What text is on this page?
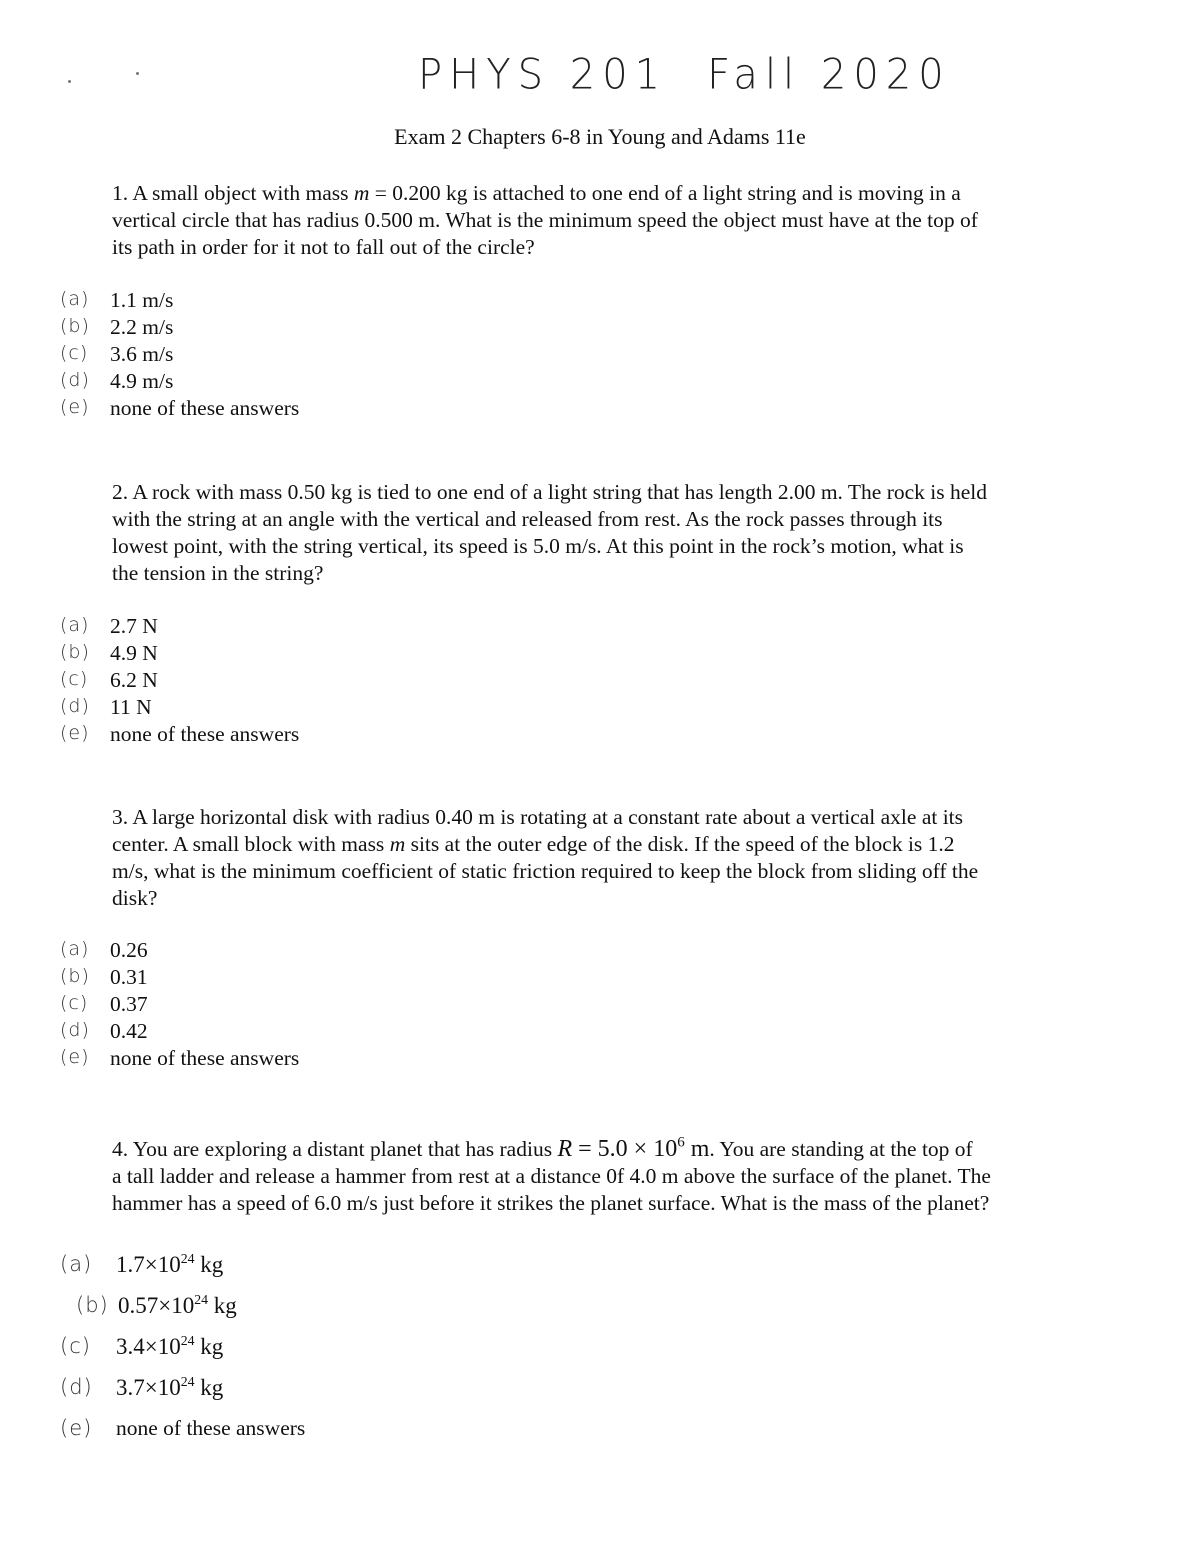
PHYS 201 Fall 2020
Exam 2 Chapters 6-8 in Young and Adams 11e
1. A small object with mass m = 0.200 kg is attached to one end of a light string and is moving in a
vertical circle that has radius 0.500 m. What is the minimum speed the object must have at the top of
its path in order for it not to fall out of the circle?
(a) 1.1 m/s
(b) 2.2 m/s
(c) 3.6 m/s
(d) 4.9 m/s
(e) none of these answers
2. A rock with mass 0.50 kg is tied to one end of a light string that has length 2.00 m. The rock is held
with the string at an angle with the vertical and released from rest. As the rock passes through its
lowest point, with the string vertical, its speed is 5.0 m/s. At this point in the rock’s motion, what is
the tension in the string?
(a) 2.7 N
(b) 4.9 N
(c) 6.2 N
(d) 11 N
(e) none of these answers
3. A large horizontal disk with radius 0.40 m is rotating at a constant rate about a vertical axle at its
center. A small block with mass m sits at the outer edge of the disk. If the speed of the block is 1.2
m/s, what is the minimum coefficient of static friction required to keep the block from sliding off the
disk?
(a) 0.26
(b) 0.31
(c) 0.37
(d) 0.42
(e) none of these answers
4. You are exploring a distant planet that has radius $R = 5.0 \times 10^6$ m. You are standing at the top of
a tall ladder and release a hammer from rest at a distance 0f 4.0 m above the surface of the planet. The
hammer has a speed of 6.0 m/s just before it strikes the planet surface. What is the mass of the planet?
(a) $1.7\times 10^{24}$ kg
(b) $0.57\times 10^{24}$ kg
(c) $3.4\times 10^{24}$ kg
(d) $3.7\times 10^{24}$ kg
(e) none of these answers
